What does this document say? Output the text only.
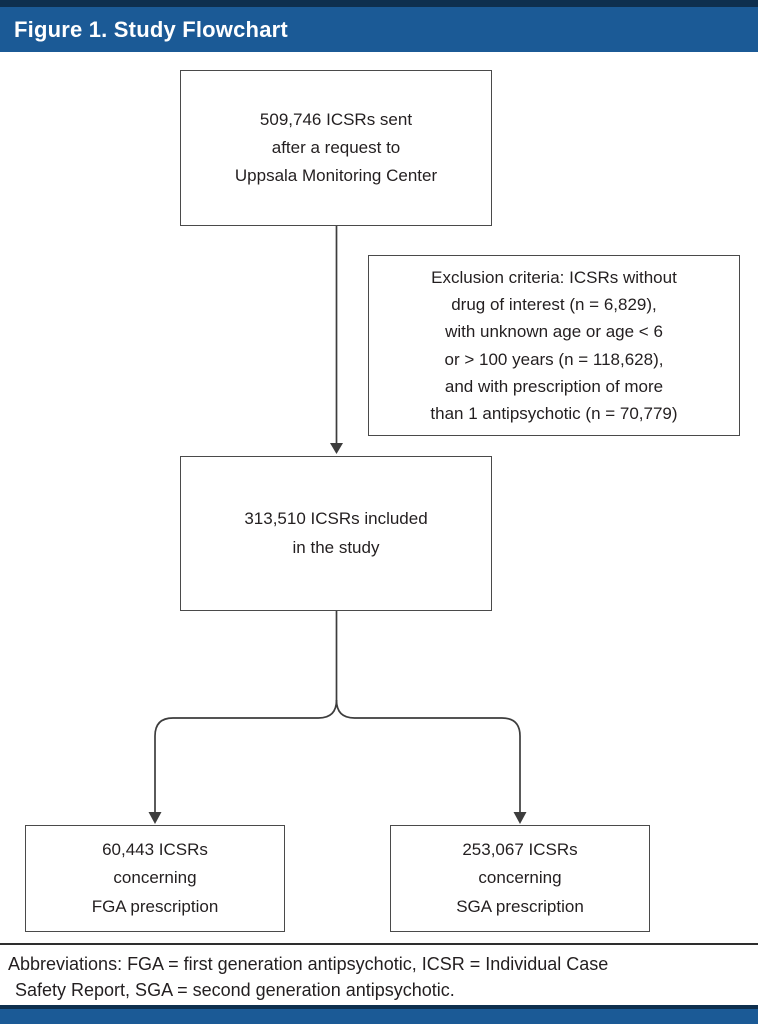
Figure 1. Study Flowchart
509,746 ICSRs sent
after a request to
Uppsala Monitoring Center
Exclusion criteria: ICSRs without
drug of interest (n = 6,829),
with unknown age or age < 6
or > 100 years (n = 118,628),
and with prescription of more
than 1 antipsychotic (n = 70,779)
313,510 ICSRs included
in the study
60,443 ICSRs
concerning
FGA prescription
253,067 ICSRs
concerning
SGA prescription
Abbreviations: FGA = first generation antipsychotic, ICSR = Individual Case
Safety Report, SGA = second generation antipsychotic.
